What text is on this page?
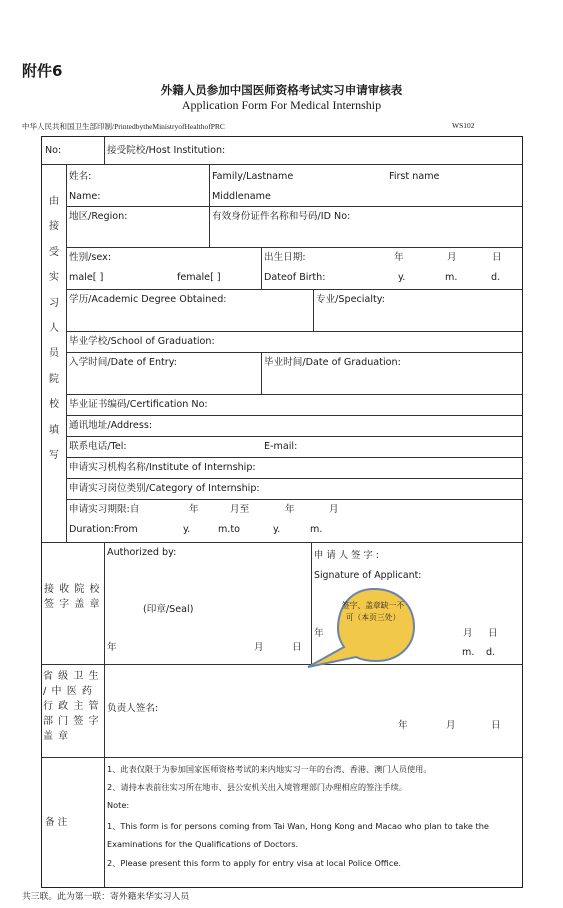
附件6
外籍人员参加中国医师资格考试实习申请审核表
Application Form For Medical Internship
中华人民共和国卫生部印制/PrintedbytheMinistryofHealthofPRC	WS102
No:	接受院校/Host Institution:
由
接
受
实
习
人
员
院
校
填
写
姓名:
Name:
Family/Lastname	First name
Middlename
地区/Region:	有效身份证件名称和号码/ID No:
性别/sex:
male[ ]	female[ ]
出生日期:
Dateof Birth:
年	月	日
y.	m.	d.
学历/Academic Degree Obtained:	专业/Specialty:
毕业学校/School of Graduation:
入学时间/Date of Entry:	毕业时间/Date of Graduation:
毕业证书编码/Certification No:
通讯地址/Address:
联系电话/Tel:	E-mail:
申请实习机构名称/Institute of Internship:
申请实习岗位类别/Category of Internship:
申请实习期限:自	年	月至	年	月
Duration:From	y.	m.to	y.	m.
接 收 院 校签 字 盖 章
Authorized by:
(印章/Seal)
年	月	日
申 请 人 签 字 :
Signature of Applicant:
年	月 日
m. d.
省 级 卫 生 / 中 医 药 行 政 主 管 部 门 签 字 盖 章
负责人签名:
年	月	日
备 注
1、此表仅限于为参加国家医师资格考试的来内地实习一年的台湾、香港、澳门人员使用。
2、请持本表前往实习所在地市、县公安机关出入境管理部门办理相应的签注手续。
Note:
1、This form is for persons coming from Tai Wan, Hong Kong and Macao who plan to take the
Examinations for the Qualifications of Doctors.
2、Please present this form to apply for entry visa at local Police Office.
签字、盖章缺一不可（本页三处）
共三联。此为第一联：寄外籍来华实习人员
